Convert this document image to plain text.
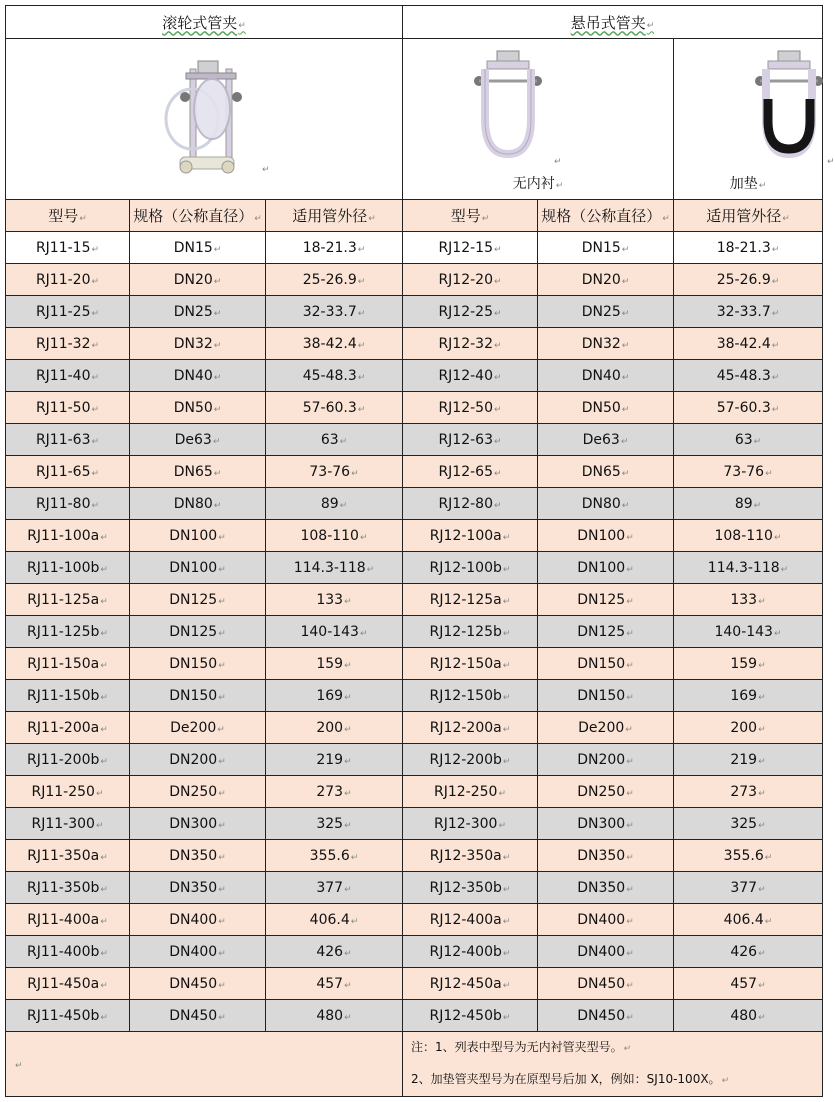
滚轮式管夹↵			悬吊式管夹↵		

↵			↵
无内衬↵		↵
加垫↵

型号↵	规格（公称直径）↵	适用管外径↵	型号↵	规格（公称直径）↵	适用管外径↵
RJ11-15↵	DN15↵	18-21.3↵	RJ12-15↵	DN15↵	18-21.3↵
RJ11-20↵	DN20↵	25-26.9↵	RJ12-20↵	DN20↵	25-26.9↵
RJ11-25↵	DN25↵	32-33.7↵	RJ12-25↵	DN25↵	32-33.7↵
RJ11-32↵	DN32↵	38-42.4↵	RJ12-32↵	DN32↵	38-42.4↵
RJ11-40↵	DN40↵	45-48.3↵	RJ12-40↵	DN40↵	45-48.3↵
RJ11-50↵	DN50↵	57-60.3↵	RJ12-50↵	DN50↵	57-60.3↵
RJ11-63↵	De63↵	63↵	RJ12-63↵	De63↵	63↵
RJ11-65↵	DN65↵	73-76↵	RJ12-65↵	DN65↵	73-76↵
RJ11-80↵	DN80↵	89↵	RJ12-80↵	DN80↵	89↵
RJ11-100a↵	DN100↵	108-110↵	RJ12-100a↵	DN100↵	108-110↵
RJ11-100b↵	DN100↵	114.3-118↵	RJ12-100b↵	DN100↵	114.3-118↵
RJ11-125a↵	DN125↵	133↵	RJ12-125a↵	DN125↵	133↵
RJ11-125b↵	DN125↵	140-143↵	RJ12-125b↵	DN125↵	140-143↵
RJ11-150a↵	DN150↵	159↵	RJ12-150a↵	DN150↵	159↵
RJ11-150b↵	DN150↵	169↵	RJ12-150b↵	DN150↵	169↵
RJ11-200a↵	De200↵	200↵	RJ12-200a↵	De200↵	200↵
RJ11-200b↵	DN200↵	219↵	RJ12-200b↵	DN200↵	219↵
RJ11-250↵	DN250↵	273↵	RJ12-250↵	DN250↵	273↵
RJ11-300↵	DN300↵	325↵	RJ12-300↵	DN300↵	325↵
RJ11-350a↵	DN350↵	355.6↵	RJ12-350a↵	DN350↵	355.6↵
RJ11-350b↵	DN350↵	377↵	RJ12-350b↵	DN350↵	377↵
RJ11-400a↵	DN400↵	406.4↵	RJ12-400a↵	DN400↵	406.4↵
RJ11-400b↵	DN400↵	426↵	RJ12-400b↵	DN400↵	426↵
RJ11-450a↵	DN450↵	457↵	RJ12-450a↵	DN450↵	457↵
RJ11-450b↵	DN450↵	480↵	RJ12-450b↵	DN450↵	480↵
↵			注：1、列表中型号为无内衬管夹型号。↵
2、加垫管夹型号为在原型号后加 X，例如：SJ10-100X。↵		
